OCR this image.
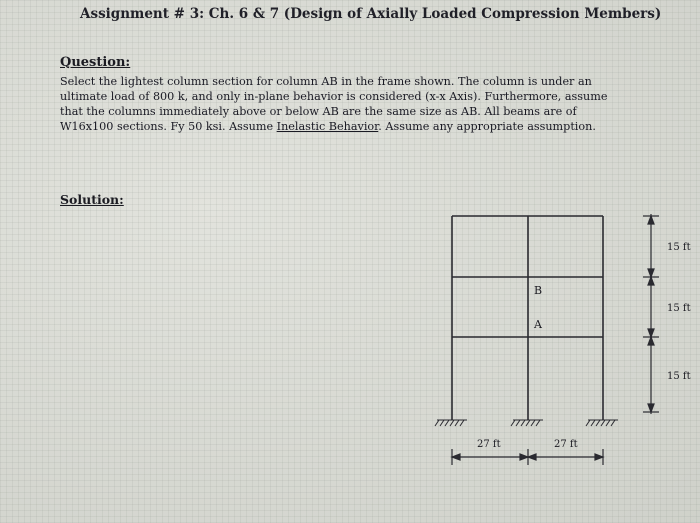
Assignment # 3: Ch. 6 & 7 (Design of Axially Loaded Compression Members)
Question:
Select the lightest column section for column AB in the frame shown. The column is under an ultimate load of 800 k, and only in-plane behavior is considered (x-x Axis). Furthermore, assume that the columns immediately above or below AB are the same size as AB. All beams are of W16x100 sections. Fy 50 ksi. Assume Inelastic Behavior. Assume any appropriate assumption.
Solution:
B
A
15 ft
15 ft
15 ft
27 ft	27 ft
